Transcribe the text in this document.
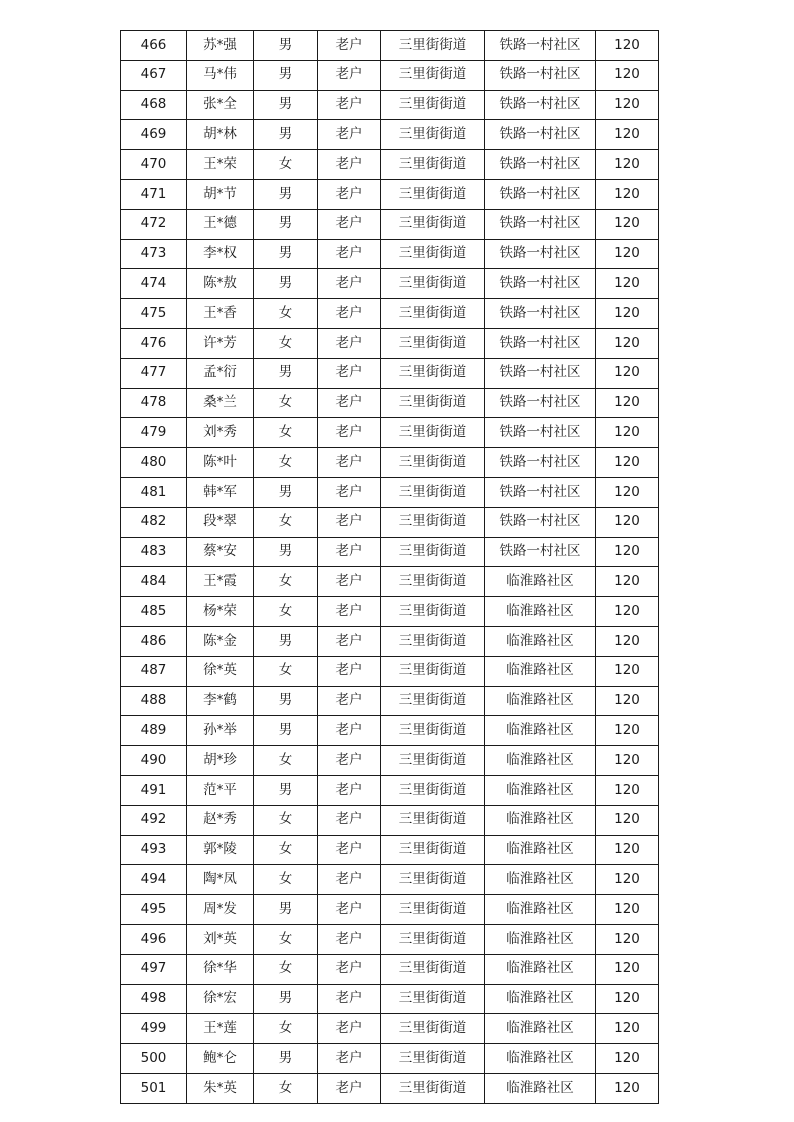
466	苏*强	男	老户	三里街街道	铁路一村社区	120
467	马*伟	男	老户	三里街街道	铁路一村社区	120
468	张*全	男	老户	三里街街道	铁路一村社区	120
469	胡*林	男	老户	三里街街道	铁路一村社区	120
470	王*荣	女	老户	三里街街道	铁路一村社区	120
471	胡*节	男	老户	三里街街道	铁路一村社区	120
472	王*德	男	老户	三里街街道	铁路一村社区	120
473	李*权	男	老户	三里街街道	铁路一村社区	120
474	陈*敖	男	老户	三里街街道	铁路一村社区	120
475	王*香	女	老户	三里街街道	铁路一村社区	120
476	许*芳	女	老户	三里街街道	铁路一村社区	120
477	孟*衍	男	老户	三里街街道	铁路一村社区	120
478	桑*兰	女	老户	三里街街道	铁路一村社区	120
479	刘*秀	女	老户	三里街街道	铁路一村社区	120
480	陈*叶	女	老户	三里街街道	铁路一村社区	120
481	韩*军	男	老户	三里街街道	铁路一村社区	120
482	段*翠	女	老户	三里街街道	铁路一村社区	120
483	蔡*安	男	老户	三里街街道	铁路一村社区	120
484	王*霞	女	老户	三里街街道	临淮路社区	120
485	杨*荣	女	老户	三里街街道	临淮路社区	120
486	陈*金	男	老户	三里街街道	临淮路社区	120
487	徐*英	女	老户	三里街街道	临淮路社区	120
488	李*鹤	男	老户	三里街街道	临淮路社区	120
489	孙*举	男	老户	三里街街道	临淮路社区	120
490	胡*珍	女	老户	三里街街道	临淮路社区	120
491	范*平	男	老户	三里街街道	临淮路社区	120
492	赵*秀	女	老户	三里街街道	临淮路社区	120
493	郭*陵	女	老户	三里街街道	临淮路社区	120
494	陶*凤	女	老户	三里街街道	临淮路社区	120
495	周*发	男	老户	三里街街道	临淮路社区	120
496	刘*英	女	老户	三里街街道	临淮路社区	120
497	徐*华	女	老户	三里街街道	临淮路社区	120
498	徐*宏	男	老户	三里街街道	临淮路社区	120
499	王*莲	女	老户	三里街街道	临淮路社区	120
500	鲍*仑	男	老户	三里街街道	临淮路社区	120
501	朱*英	女	老户	三里街街道	临淮路社区	120
